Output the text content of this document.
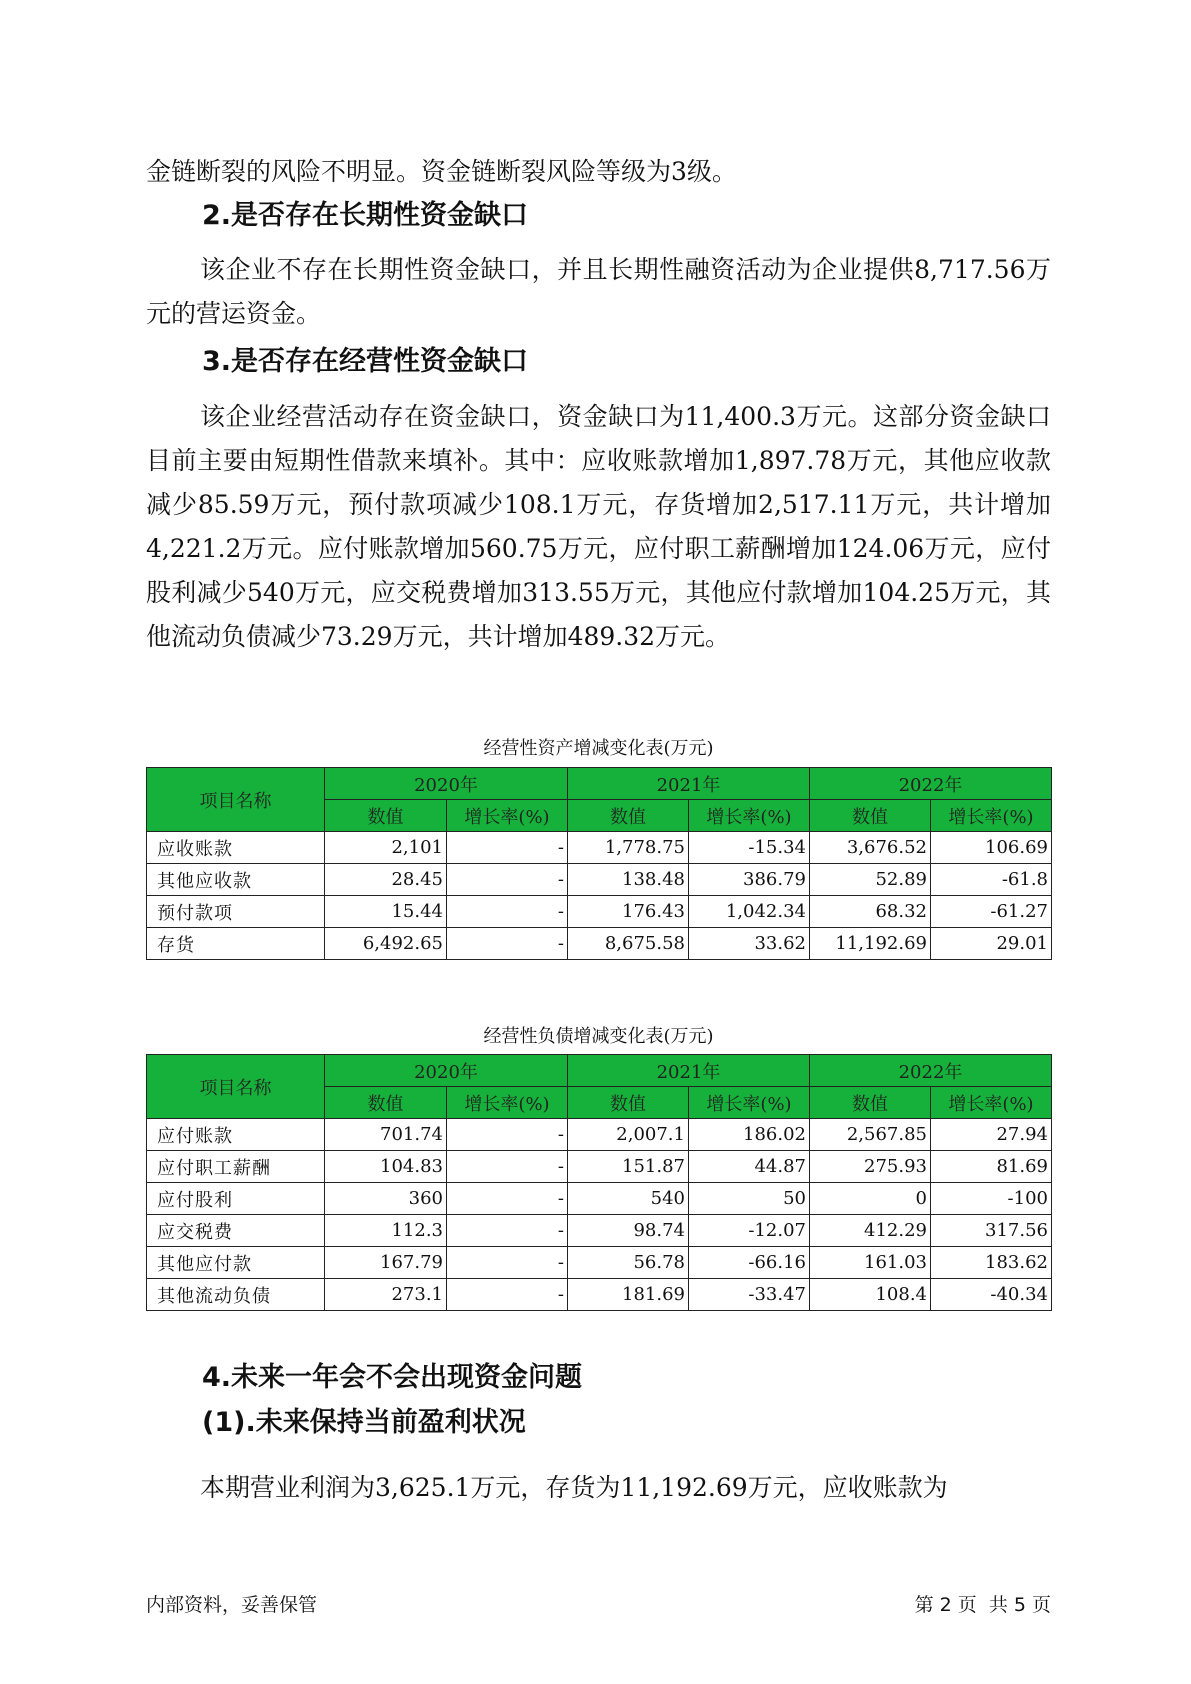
金链断裂的风险不明显。资金链断裂风险等级为3级。

2.是否存在长期性资金缺口

该企业不存在长期性资金缺口，并且长期性融资活动为企业提供8,717.56万元的营运资金。

3.是否存在经营性资金缺口

该企业经营活动存在资金缺口，资金缺口为11,400.3万元。这部分资金缺口目前主要由短期性借款来填补。其中：应收账款增加1,897.78万元，其他应收款减少85.59万元，预付款项减少108.1万元，存货增加2,517.11万元，共计增加4,221.2万元。应付账款增加560.75万元，应付职工薪酬增加124.06万元，应付股利减少540万元，应交税费增加313.55万元，其他应付款增加104.25万元，其他流动负债减少73.29万元，共计增加489.32万元。

经营性资产增减变化表(万元)

项目名称	2020年		2021年		2022年	
	数值	增长率(%)	数值	增长率(%)	数值	增长率(%)
应收账款	2,101	-	1,778.75	-15.34	3,676.52	106.69
其他应收款	28.45	-	138.48	386.79	52.89	-61.8
预付款项	15.44	-	176.43	1,042.34	68.32	-61.27
存货	6,492.65	-	8,675.58	33.62	11,192.69	29.01

经营性负债增减变化表(万元)

项目名称	2020年		2021年		2022年	
	数值	增长率(%)	数值	增长率(%)	数值	增长率(%)
应付账款	701.74	-	2,007.1	186.02	2,567.85	27.94
应付职工薪酬	104.83	-	151.87	44.87	275.93	81.69
应付股利	360	-	540	50	0	-100
应交税费	112.3	-	98.74	-12.07	412.29	317.56
其他应付款	167.79	-	56.78	-66.16	161.03	183.62
其他流动负债	273.1	-	181.69	-33.47	108.4	-40.34
4.未来一年会不会出现资金问题
(1).未来保持当前盈利状况

本期营业利润为3,625.1万元，存货为11,192.69万元，应收账款为

内部资料，妥善保管	第 2 页  共 5 页
